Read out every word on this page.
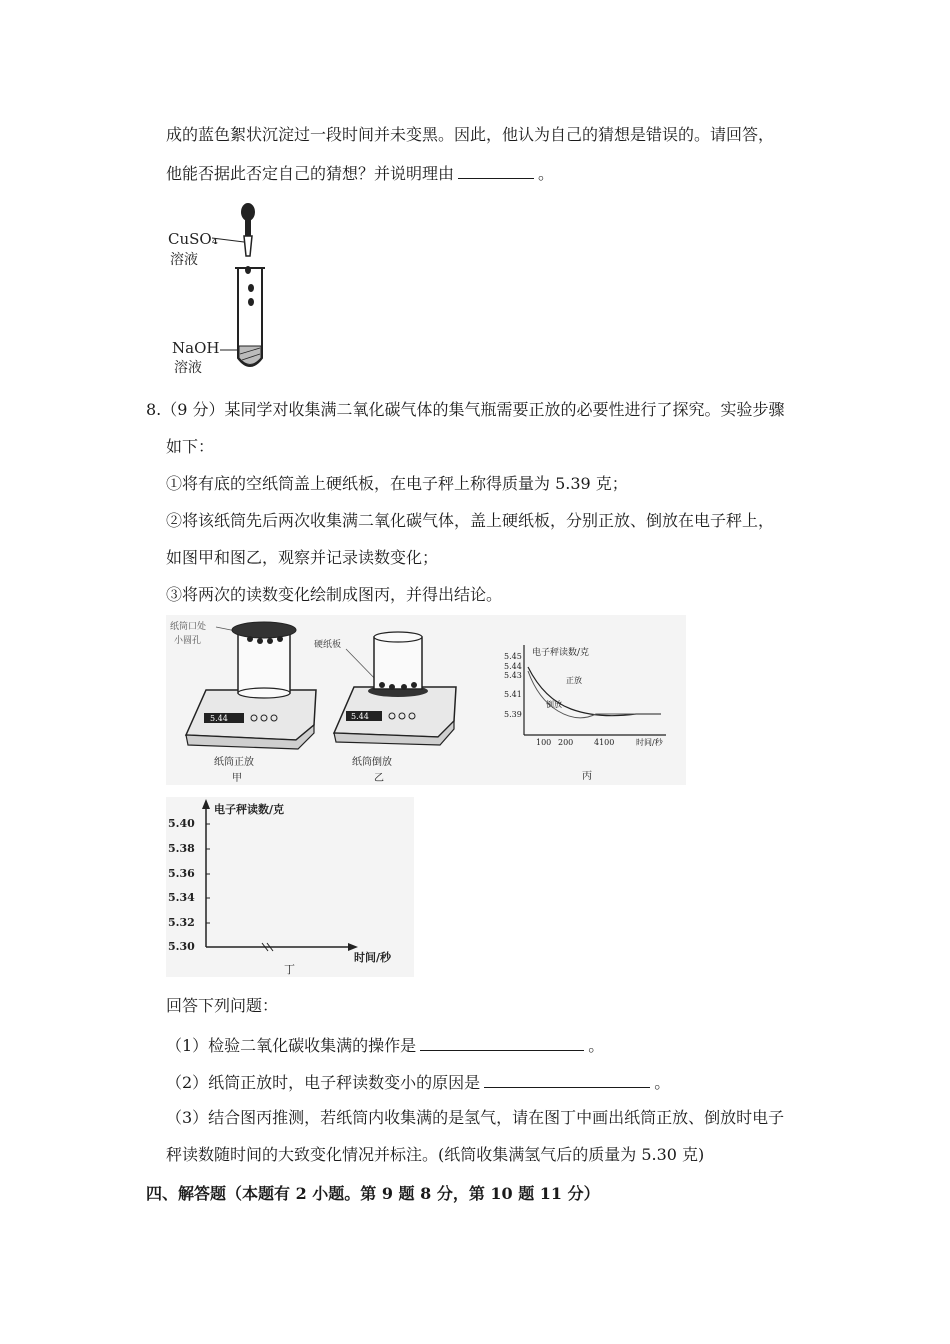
成的蓝色絮状沉淀过一段时间并未变黑。因此，他认为自己的猜想是错误的。请回答，
他能否据此否定自己的猜想？并说明理由	。
CuSO₄
溶液
NaOH
溶液
8.（9 分）某同学对收集满二氧化碳气体的集气瓶需要正放的必要性进行了探究。实验步骤
如下：
①将有底的空纸筒盖上硬纸板，在电子秤上称得质量为 5.39 克；
②将该纸筒先后两次收集满二氧化碳气体，盖上硬纸板，分别正放、倒放在电子秤上，
如图甲和图乙，观察并记录读数变化；
③将两次的读数变化绘制成图丙，并得出结论。
纸筒口处
小圆孔
5.44
纸筒正放
甲
硬纸板
5.44
纸筒倒放
乙
电子秤读数/克
5.45
5.44
5.43
5.41
5.39
正放
倒放
100 200	4100	时间/秒
丙
电子秤读数/克
5.40
5.38
5.36
5.34
5.32
5.30
时间/秒
丁
回答下列问题：
（1）检验二氧化碳收集满的操作是	。
（2）纸筒正放时，电子秤读数变小的原因是	。
（3）结合图丙推测，若纸筒内收集满的是氢气，请在图丁中画出纸筒正放、倒放时电子
秤读数随时间的大致变化情况并标注。(纸筒收集满氢气后的质量为 5.30 克)
四、解答题（本题有 2 小题。第 9 题 8 分，第 10 题 11 分）
